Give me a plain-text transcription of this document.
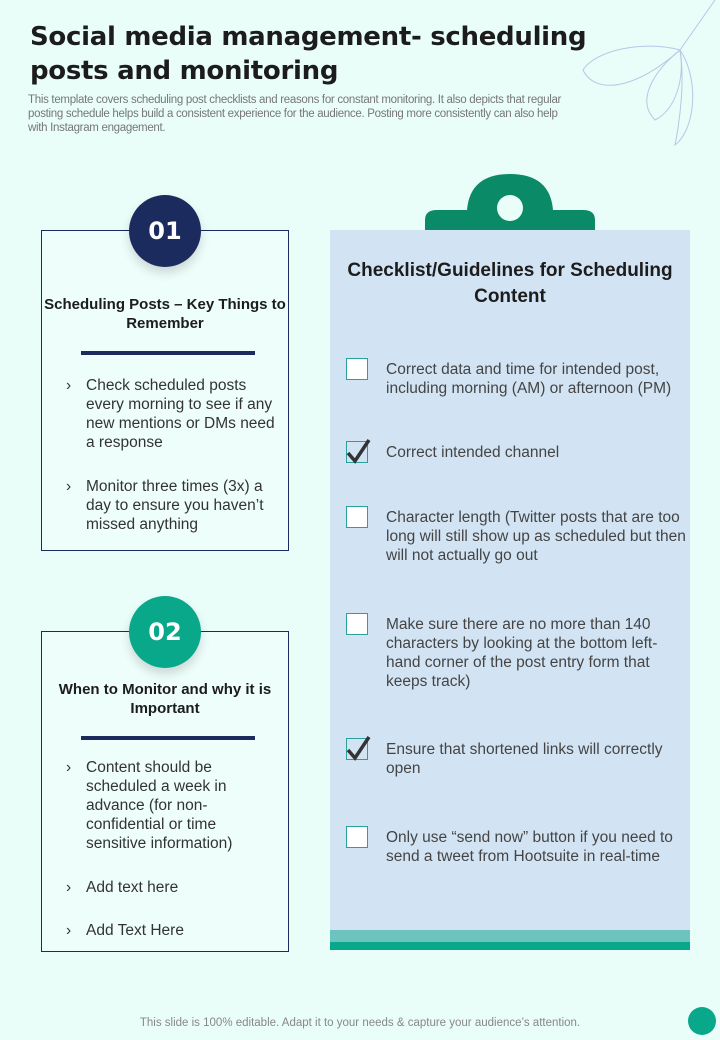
Social media management- scheduling posts and monitoring
This template covers scheduling post checklists and reasons for constant monitoring. It also depicts that regular posting schedule helps build a consistent experience for the audience. Posting more consistently can also help with Instagram engagement.
Scheduling Posts – Key Things to Remember
› Check scheduled posts every morning to see if any new mentions or DMs need a response
› Monitor three times (3x) a day to ensure you haven’t missed anything
01
When to Monitor and why it is Important
› Content should be scheduled a week in advance (for non-confidential or time sensitive information)
› Add text here
› Add Text Here
02
Checklist/Guidelines for Scheduling Content
Correct data and time for intended post, including morning (AM) or afternoon (PM)
Correct intended channel
Character length (Twitter posts that are too long will still show up as scheduled but then will not actually go out
Make sure there are no more than 140 characters by looking at the bottom left-hand corner of the post entry form that keeps track)
Ensure that shortened links will correctly open
Only use “send now” button if you need to send a tweet from Hootsuite in real-time
This slide is 100% editable. Adapt it to your needs & capture your audience’s attention.
